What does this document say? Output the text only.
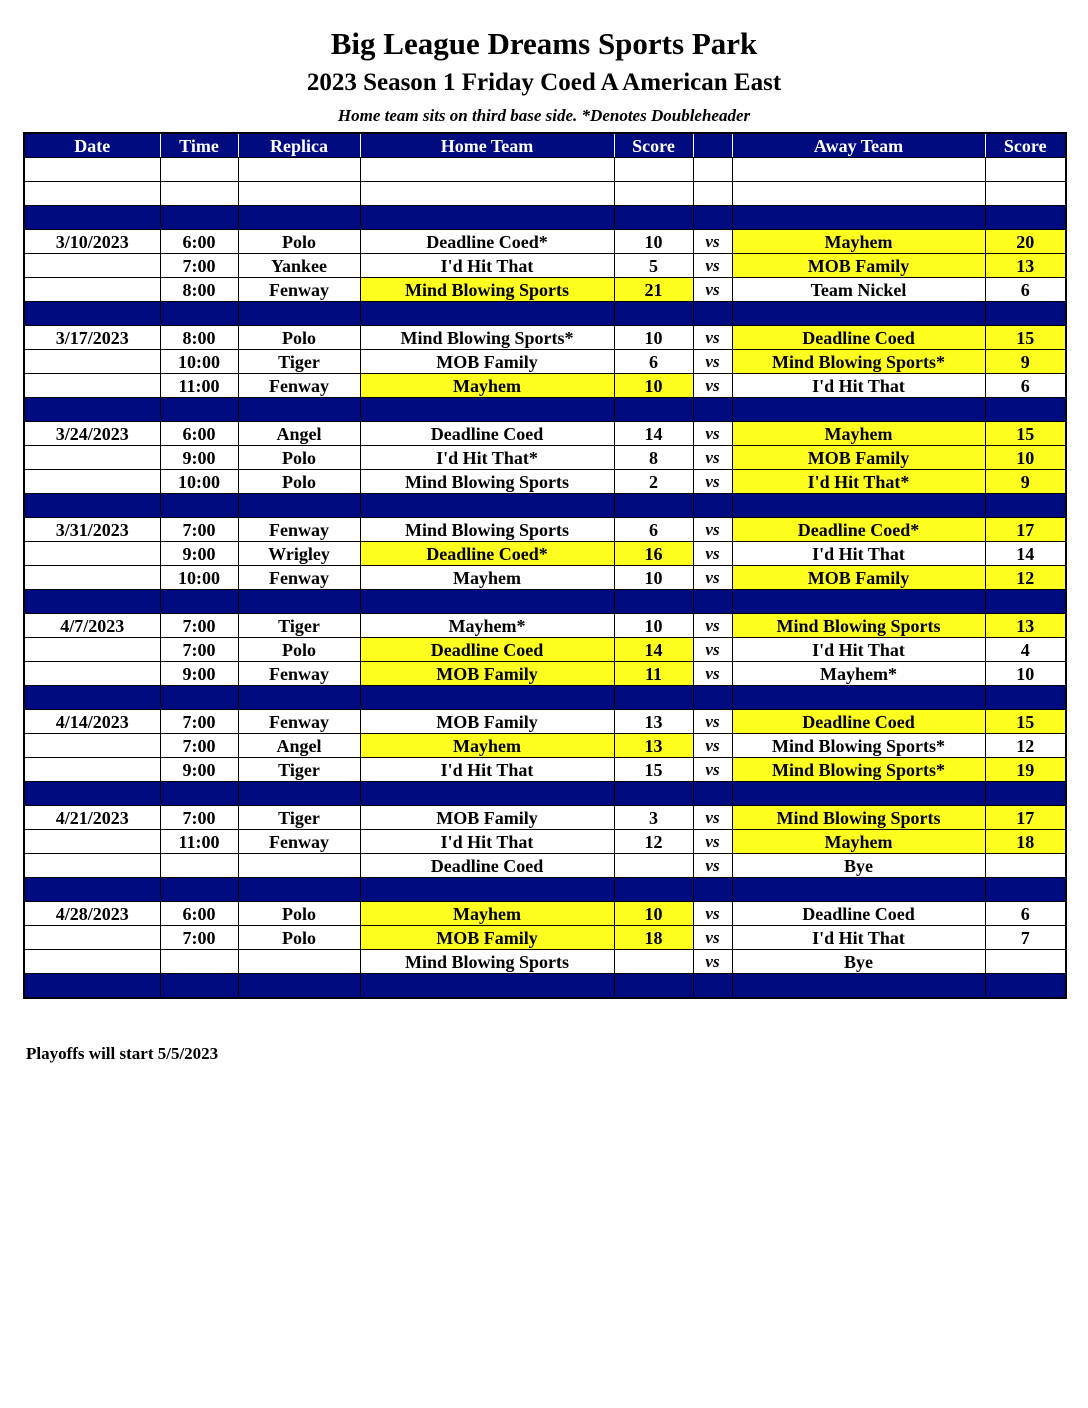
Big League Dreams Sports Park
2023 Season 1 Friday Coed A American East
Home team sits on third base side. *Denotes Doubleheader
Date	Time	Replica	Home Team	Score		Away Team	Score

3/10/2023	6:00	Polo	Deadline Coed*	10	vs	Mayhem	20
	7:00	Yankee	I'd Hit That	5	vs	MOB Family	13
	8:00	Fenway	Mind Blowing Sports	21	vs	Team Nickel	6

3/17/2023	8:00	Polo	Mind Blowing Sports*	10	vs	Deadline Coed	15
	10:00	Tiger	MOB Family	6	vs	Mind Blowing Sports*	9
	11:00	Fenway	Mayhem	10	vs	I'd Hit That	6

3/24/2023	6:00	Angel	Deadline Coed	14	vs	Mayhem	15
	9:00	Polo	I'd Hit That*	8	vs	MOB Family	10
	10:00	Polo	Mind Blowing Sports	2	vs	I'd Hit That*	9

3/31/2023	7:00	Fenway	Mind Blowing Sports	6	vs	Deadline Coed*	17
	9:00	Wrigley	Deadline Coed*	16	vs	I'd Hit That	14
	10:00	Fenway	Mayhem	10	vs	MOB Family	12

4/7/2023	7:00	Tiger	Mayhem*	10	vs	Mind Blowing Sports	13
	7:00	Polo	Deadline Coed	14	vs	I'd Hit That	4
	9:00	Fenway	MOB Family	11	vs	Mayhem*	10

4/14/2023	7:00	Fenway	MOB Family	13	vs	Deadline Coed	15
	7:00	Angel	Mayhem	13	vs	Mind Blowing Sports*	12
	9:00	Tiger	I'd Hit That	15	vs	Mind Blowing Sports*	19

4/21/2023	7:00	Tiger	MOB Family	3	vs	Mind Blowing Sports	17
	11:00	Fenway	I'd Hit That	12	vs	Mayhem	18
			Deadline Coed		vs	Bye	

4/28/2023	6:00	Polo	Mayhem	10	vs	Deadline Coed	6
	7:00	Polo	MOB Family	18	vs	I'd Hit That	7
			Mind Blowing Sports		vs	Bye	

Playoffs will start 5/5/2023
